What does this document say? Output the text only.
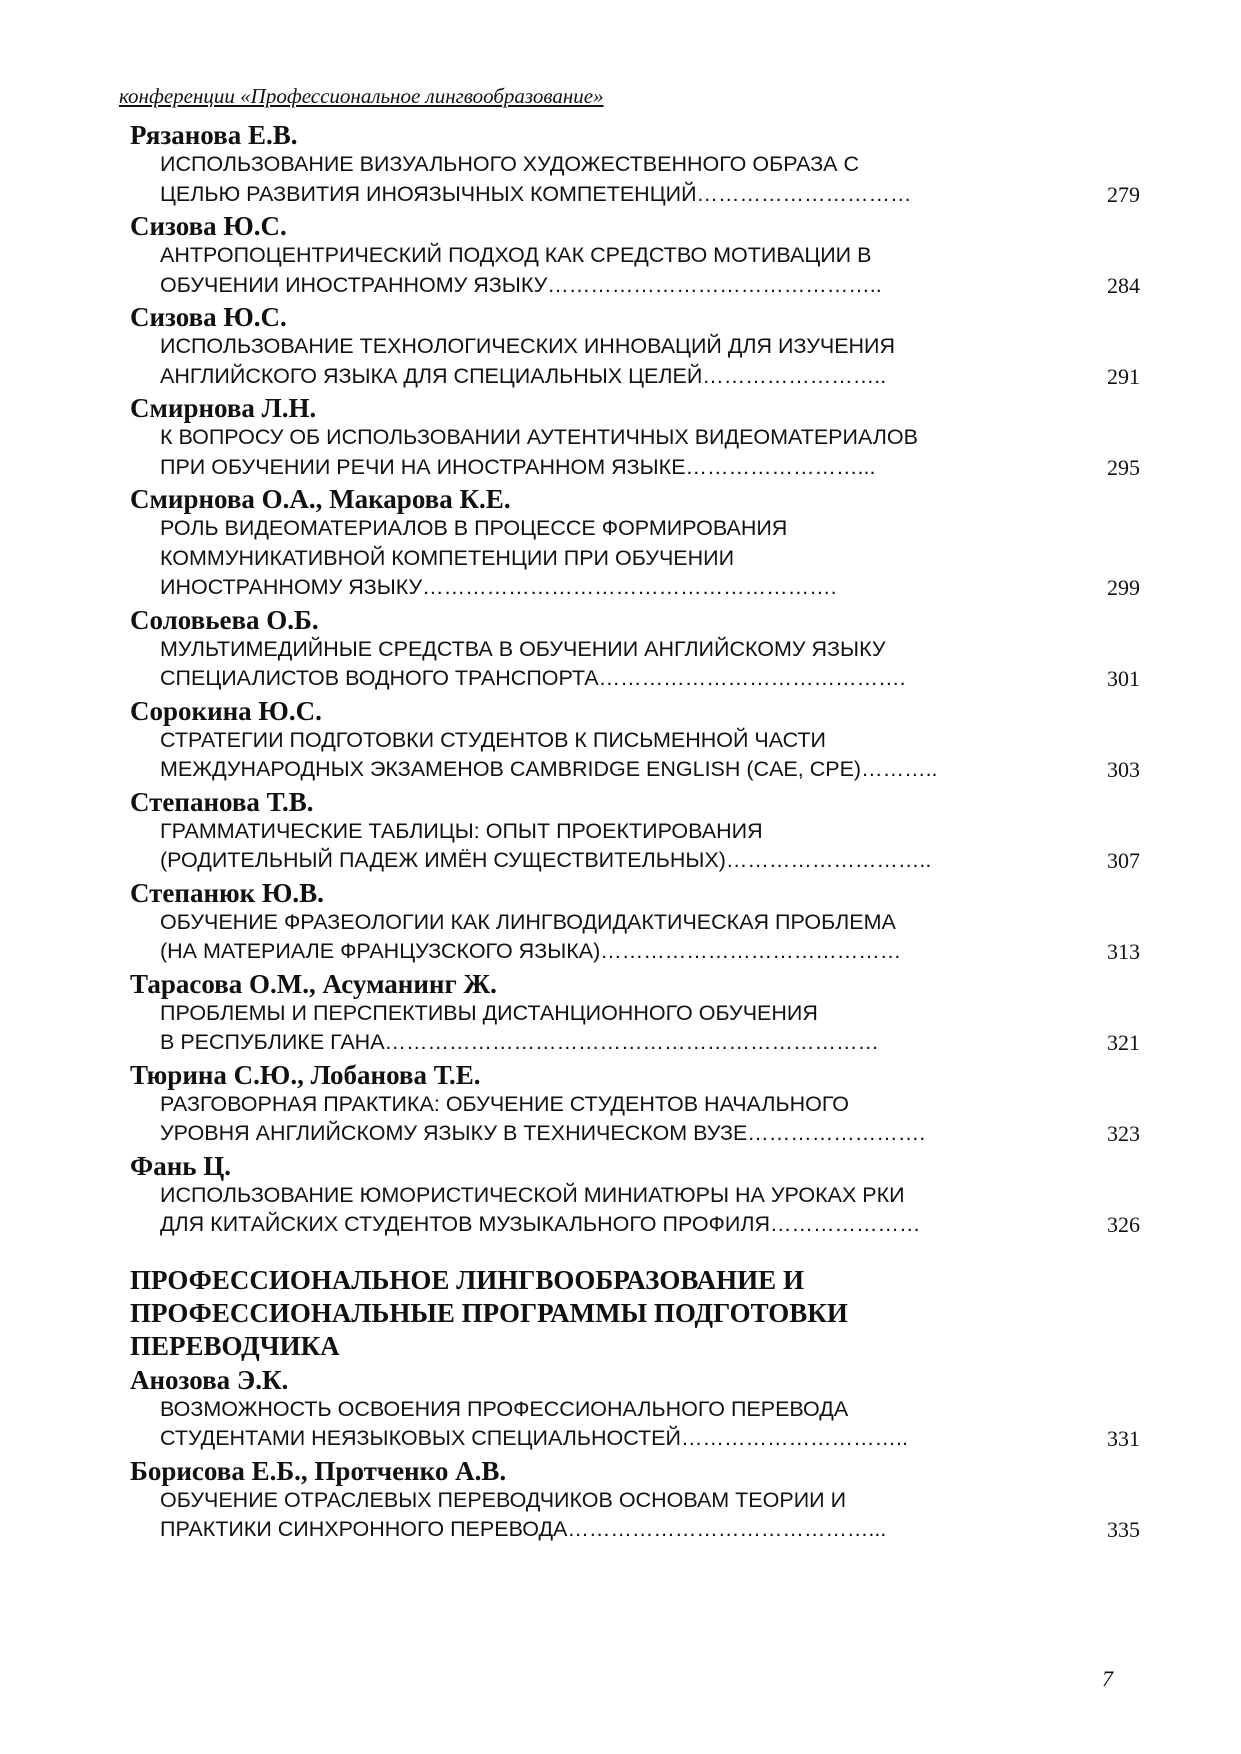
конференции «Профессиональное лингвообразование»
Рязанова Е.В.
ИСПОЛЬЗОВАНИЕ ВИЗУАЛЬНОГО ХУДОЖЕСТВЕННОГО ОБРАЗА С
ЦЕЛЬЮ РАЗВИТИЯ ИНОЯЗЫЧНЫХ КОМПЕТЕНЦИЙ…………………………	279
Сизова Ю.С.
АНТРОПОЦЕНТРИЧЕСКИЙ ПОДХОД КАК СРЕДСТВО МОТИВАЦИИ В
ОБУЧЕНИИ ИНОСТРАННОМУ ЯЗЫКУ………………………………………..	284
Сизова Ю.С.
ИСПОЛЬЗОВАНИЕ ТЕХНОЛОГИЧЕСКИХ ИННОВАЦИЙ ДЛЯ ИЗУЧЕНИЯ
АНГЛИЙСКОГО ЯЗЫКА ДЛЯ СПЕЦИАЛЬНЫХ ЦЕЛЕЙ……………………..	291
Смирнова Л.Н.
К ВОПРОСУ ОБ ИСПОЛЬЗОВАНИИ АУТЕНТИЧНЫХ ВИДЕОМАТЕРИАЛОВ
ПРИ ОБУЧЕНИИ РЕЧИ НА ИНОСТРАННОМ ЯЗЫКЕ……………………...	295
Смирнова О.А., Макарова К.Е.
РОЛЬ ВИДЕОМАТЕРИАЛОВ В ПРОЦЕССЕ ФОРМИРОВАНИЯ
КОММУНИКАТИВНОЙ КОМПЕТЕНЦИИ ПРИ ОБУЧЕНИИ
ИНОСТРАННОМУ ЯЗЫКУ………………………………………………….	299
Соловьева О.Б.
МУЛЬТИМЕДИЙНЫЕ СРЕДСТВА В ОБУЧЕНИИ АНГЛИЙСКОМУ ЯЗЫКУ
СПЕЦИАЛИСТОВ ВОДНОГО ТРАНСПОРТА…………………………………….	301
Сорокина Ю.С.
СТРАТЕГИИ ПОДГОТОВКИ СТУДЕНТОВ К ПИСЬМЕННОЙ ЧАСТИ
МЕЖДУНАРОДНЫХ ЭКЗАМЕНОВ CAMBRIDGE ENGLISH (CAE, CPE)………..	303
Степанова Т.В.
ГРАММАТИЧЕСКИЕ ТАБЛИЦЫ: ОПЫТ ПРОЕКТИРОВАНИЯ
(РОДИТЕЛЬНЫЙ ПАДЕЖ ИМЁН СУЩЕСТВИТЕЛЬНЫХ)………………………..	307
Степанюк Ю.В.
ОБУЧЕНИЕ ФРАЗЕОЛОГИИ КАК ЛИНГВОДИДАКТИЧЕСКАЯ ПРОБЛЕМА
(НА МАТЕРИАЛЕ ФРАНЦУЗСКОГО ЯЗЫКА)……………………………………	313
Тарасова О.М., Асуманинг Ж.
ПРОБЛЕМЫ И ПЕРСПЕКТИВЫ ДИСТАНЦИОННОГО ОБУЧЕНИЯ
В РЕСПУБЛИКЕ ГАНА……………………………………………………………	321
Тюрина С.Ю., Лобанова Т.Е.
РАЗГОВОРНАЯ ПРАКТИКА: ОБУЧЕНИЕ СТУДЕНТОВ НАЧАЛЬНОГО
УРОВНЯ АНГЛИЙСКОМУ ЯЗЫКУ В ТЕХНИЧЕСКОМ ВУЗЕ…………………….	323
Фань Ц.
ИСПОЛЬЗОВАНИЕ ЮМОРИСТИЧЕСКОЙ МИНИАТЮРЫ НА УРОКАХ РКИ
ДЛЯ КИТАЙСКИХ СТУДЕНТОВ МУЗЫКАЛЬНОГО ПРОФИЛЯ…………………	326
ПРОФЕССИОНАЛЬНОЕ ЛИНГВООБРАЗОВАНИЕ И ПРОФЕССИОНАЛЬНЫЕ ПРОГРАММЫ ПОДГОТОВКИ ПЕРЕВОДЧИКА
Анозова Э.К.
ВОЗМОЖНОСТЬ ОСВОЕНИЯ ПРОФЕССИОНАЛЬНОГО ПЕРЕВОДА
СТУДЕНТАМИ НЕЯЗЫКОВЫХ СПЕЦИАЛЬНОСТЕЙ…………………………..	331
Борисова Е.Б., Протченко А.В.
ОБУЧЕНИЕ ОТРАСЛЕВЫХ ПЕРЕВОДЧИКОВ ОСНОВАМ ТЕОРИИ И
ПРАКТИКИ СИНХРОННОГО ПЕРЕВОДА……………………………………...	335
7
